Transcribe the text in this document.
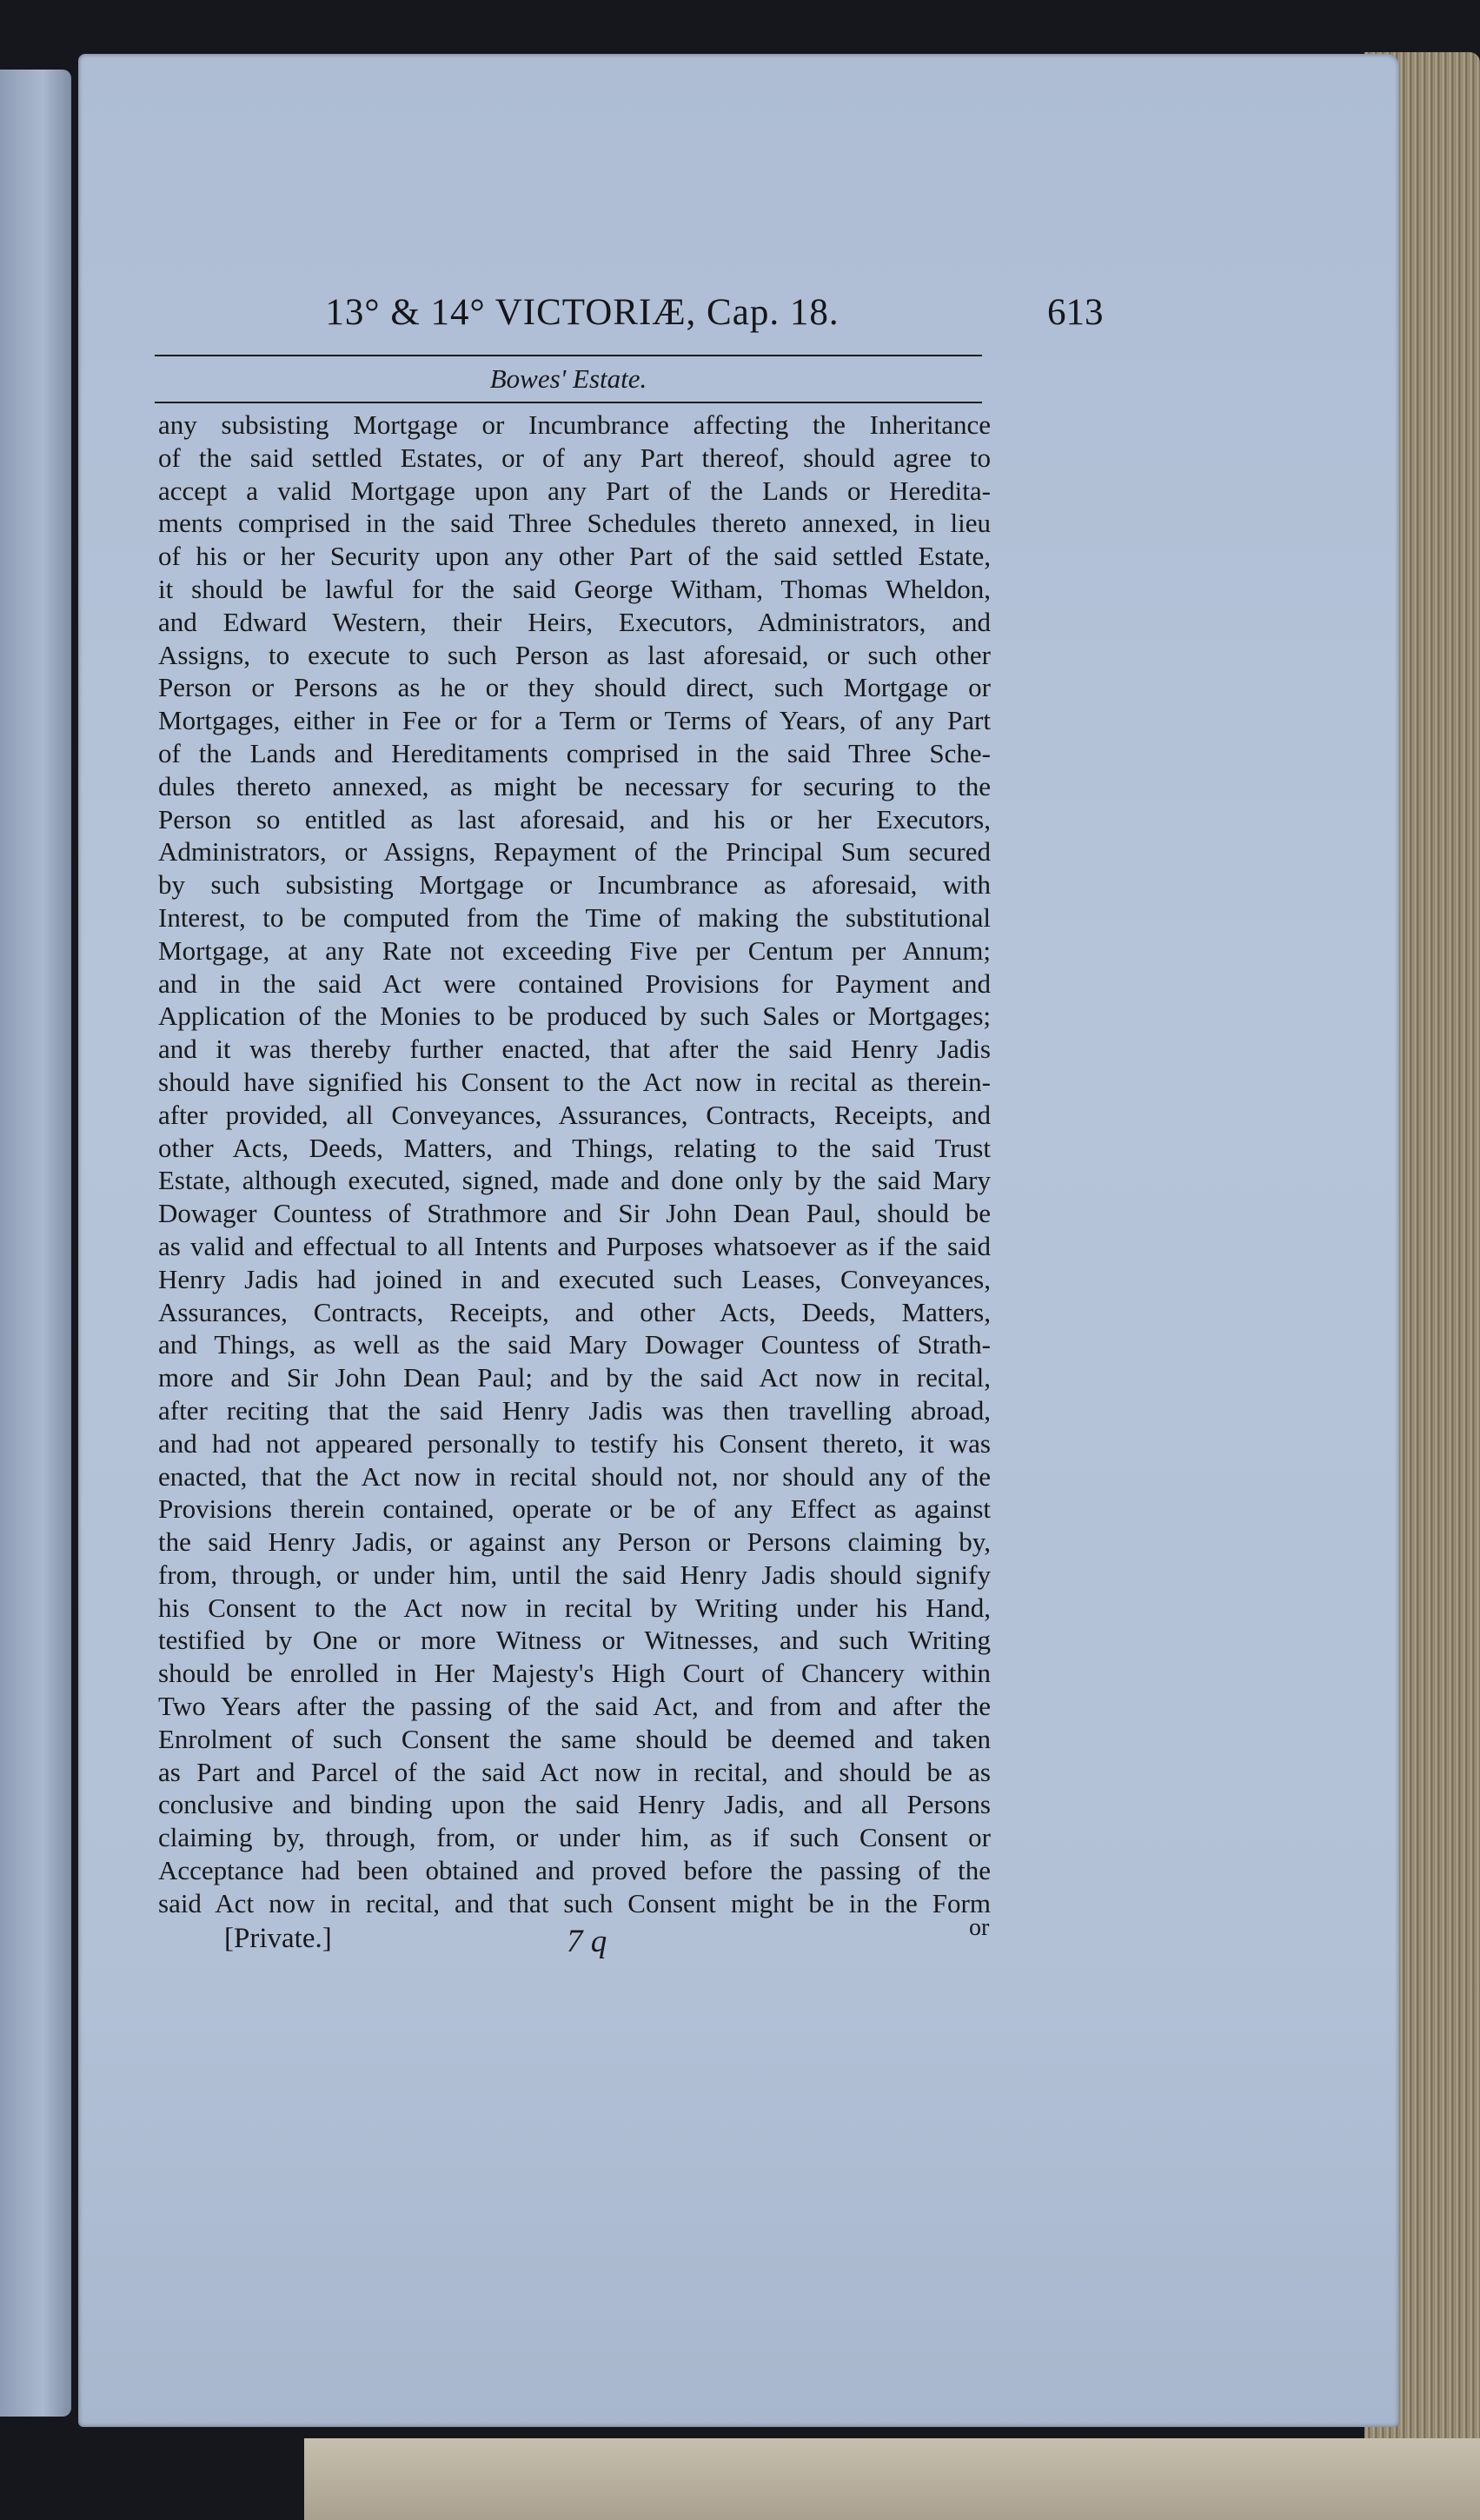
13° & 14° VICTORIÆ, Cap. 18.	613
Bowes' Estate.
any subsisting Mortgage or Incumbrance affecting the Inheritance
of the said settled Estates, or of any Part thereof, should agree to
accept a valid Mortgage upon any Part of the Lands or Heredita-
ments comprised in the said Three Schedules thereto annexed, in lieu
of his or her Security upon any other Part of the said settled Estate,
it should be lawful for the said George Witham, Thomas Wheldon,
and Edward Western, their Heirs, Executors, Administrators, and
Assigns, to execute to such Person as last aforesaid, or such other
Person or Persons as he or they should direct, such Mortgage or
Mortgages, either in Fee or for a Term or Terms of Years, of any Part
of the Lands and Hereditaments comprised in the said Three Sche-
dules thereto annexed, as might be necessary for securing to the
Person so entitled as last aforesaid, and his or her Executors,
Administrators, or Assigns, Repayment of the Principal Sum secured
by such subsisting Mortgage or Incumbrance as aforesaid, with
Interest, to be computed from the Time of making the substitutional
Mortgage, at any Rate not exceeding Five per Centum per Annum;
and in the said Act were contained Provisions for Payment and
Application of the Monies to be produced by such Sales or Mortgages;
and it was thereby further enacted, that after the said Henry Jadis
should have signified his Consent to the Act now in recital as therein-
after provided, all Conveyances, Assurances, Contracts, Receipts, and
other Acts, Deeds, Matters, and Things, relating to the said Trust
Estate, although executed, signed, made and done only by the said Mary
Dowager Countess of Strathmore and Sir John Dean Paul, should be
as valid and effectual to all Intents and Purposes whatsoever as if the said
Henry Jadis had joined in and executed such Leases, Conveyances,
Assurances, Contracts, Receipts, and other Acts, Deeds, Matters,
and Things, as well as the said Mary Dowager Countess of Strath-
more and Sir John Dean Paul; and by the said Act now in recital,
after reciting that the said Henry Jadis was then travelling abroad,
and had not appeared personally to testify his Consent thereto, it was
enacted, that the Act now in recital should not, nor should any of the
Provisions therein contained, operate or be of any Effect as against
the said Henry Jadis, or against any Person or Persons claiming by,
from, through, or under him, until the said Henry Jadis should signify
his Consent to the Act now in recital by Writing under his Hand,
testified by One or more Witness or Witnesses, and such Writing
should be enrolled in Her Majesty's High Court of Chancery within
Two Years after the passing of the said Act, and from and after the
Enrolment of such Consent the same should be deemed and taken
as Part and Parcel of the said Act now in recital, and should be as
conclusive and binding upon the said Henry Jadis, and all Persons
claiming by, through, from, or under him, as if such Consent or
Acceptance had been obtained and proved before the passing of the
said Act now in recital, and that such Consent might be in the Form
[Private.]	7 q	or
